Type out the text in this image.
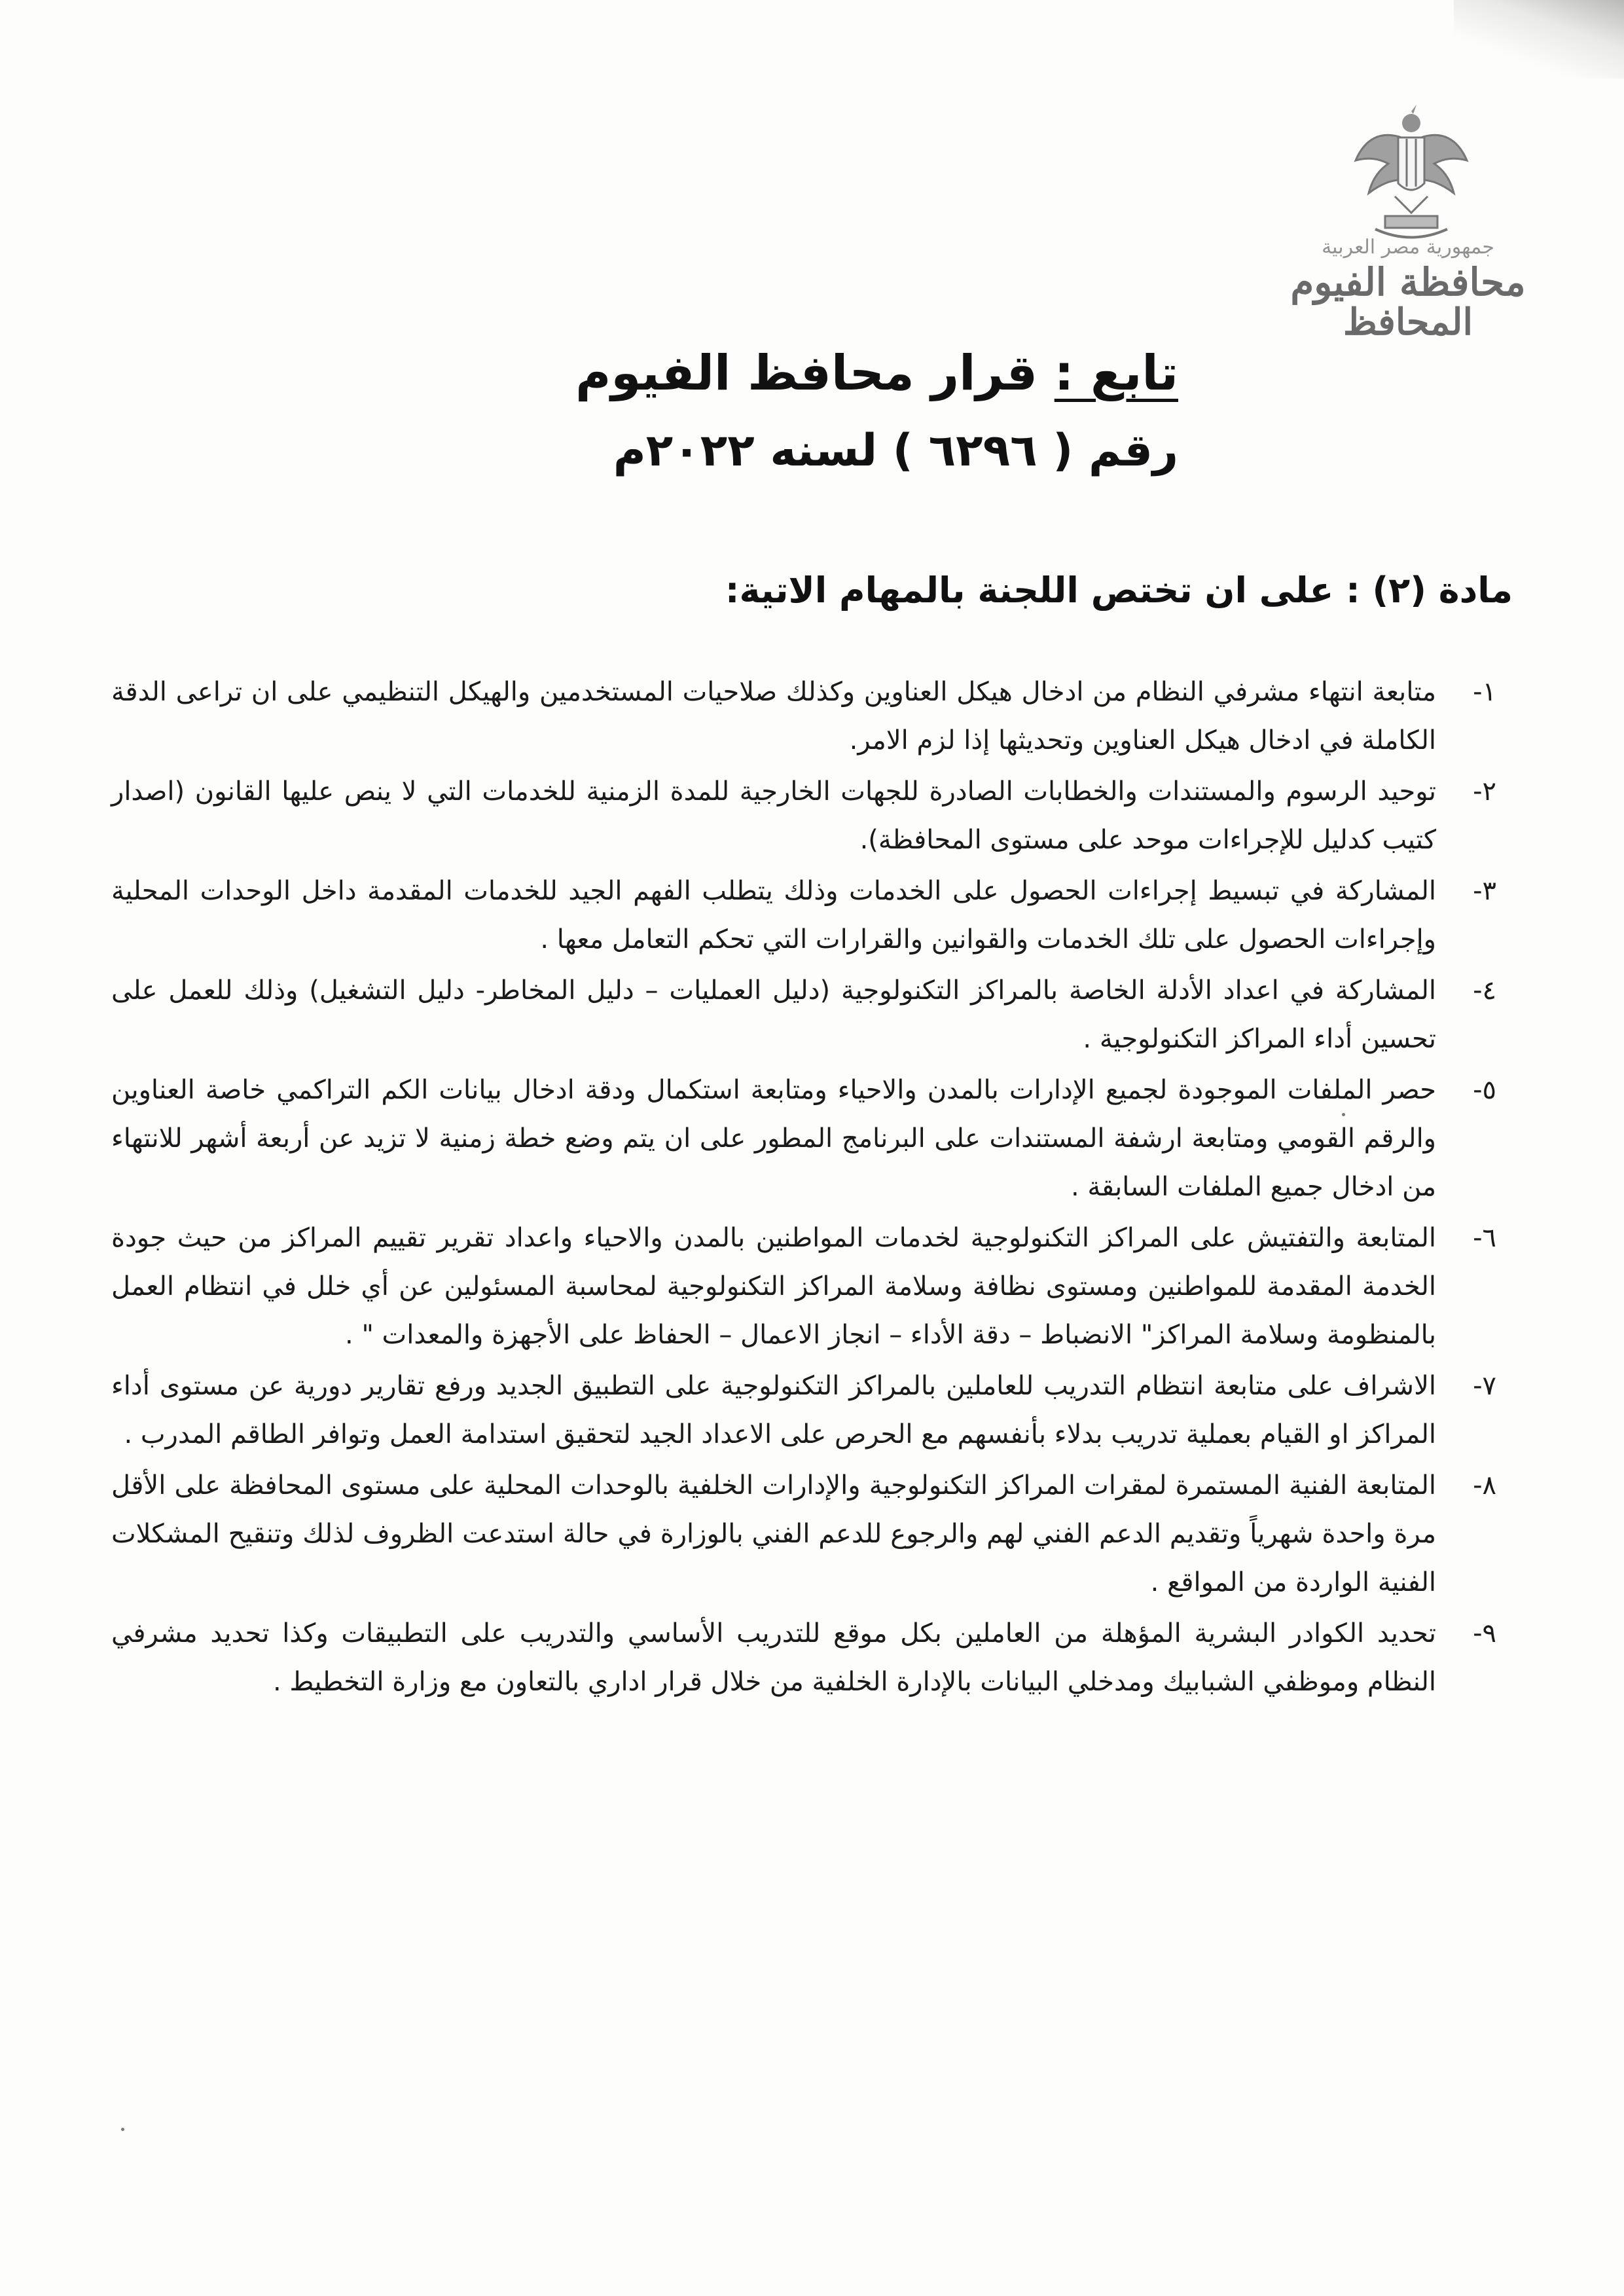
جمهورية مصر العربية
محافظة الفيوم
المحافظ
تابع : قرار محافظ الفيوم
رقم ( ٦٢٩٦ ) لسنه ٢٠٢٢م
مادة (٢) : على ان تختص اللجنة بالمهام الاتية:
١-
متابعة انتهاء مشرفي النظام من ادخال هيكل العناوين وكذلك صلاحيات المستخدمين والهيكل التنظيمي على ان تراعى الدقة الكاملة في ادخال هيكل العناوين وتحديثها إذا لزم الامر.
٢-
توحيد الرسوم والمستندات والخطابات الصادرة للجهات الخارجية للمدة الزمنية للخدمات التي لا ينص عليها القانون (اصدار كتيب كدليل للإجراءات موحد على مستوى المحافظة).
٣-
المشاركة في تبسيط إجراءات الحصول على الخدمات وذلك يتطلب الفهم الجيد للخدمات المقدمة داخل الوحدات المحلية وإجراءات الحصول على تلك الخدمات والقوانين والقرارات التي تحكم التعامل معها .
٤-
المشاركة في اعداد الأدلة الخاصة بالمراكز التكنولوجية (دليل العمليات – دليل المخاطر- دليل التشغيل) وذلك للعمل على تحسين أداء المراكز التكنولوجية .
٥-
حصر الملفات الموجودة لجميع الإدارات بالمدن والاحياء ومتابعة استكمال ودقة ادخال بيانات الكم التراكمي خاصة العناوين والرقم القومي ومتابعة ارشفة المستندات على البرنامج المطور على ان يتم وضع خطة زمنية لا تزيد عن أربعة أشهر للانتهاء من ادخال جميع الملفات السابقة .
٦-
المتابعة والتفتيش على المراكز التكنولوجية لخدمات المواطنين بالمدن والاحياء واعداد تقرير تقييم المراكز من حيث جودة الخدمة المقدمة للمواطنين ومستوى نظافة وسلامة المراكز التكنولوجية لمحاسبة المسئولين عن أي خلل في انتظام العمل بالمنظومة وسلامة المراكز" الانضباط – دقة الأداء – انجاز الاعمال – الحفاظ على الأجهزة والمعدات " .
٧-
الاشراف على متابعة انتظام التدريب للعاملين بالمراكز التكنولوجية على التطبيق الجديد ورفع تقارير دورية عن مستوى أداء المراكز او القيام بعملية تدريب بدلاء بأنفسهم مع الحرص على الاعداد الجيد لتحقيق استدامة العمل وتوافر الطاقم المدرب .
٨-
المتابعة الفنية المستمرة لمقرات المراكز التكنولوجية والإدارات الخلفية بالوحدات المحلية على مستوى المحافظة على الأقل مرة واحدة شهرياً وتقديم الدعم الفني لهم والرجوع للدعم الفني بالوزارة في حالة استدعت الظروف لذلك وتنقيح المشكلات الفنية الواردة من المواقع .
٩-
تحديد الكوادر البشرية المؤهلة من العاملين بكل موقع للتدريب الأساسي والتدريب على التطبيقات وكذا تحديد مشرفي النظام وموظفي الشبابيك ومدخلي البيانات بالإدارة الخلفية من خلال قرار اداري بالتعاون مع وزارة التخطيط .
